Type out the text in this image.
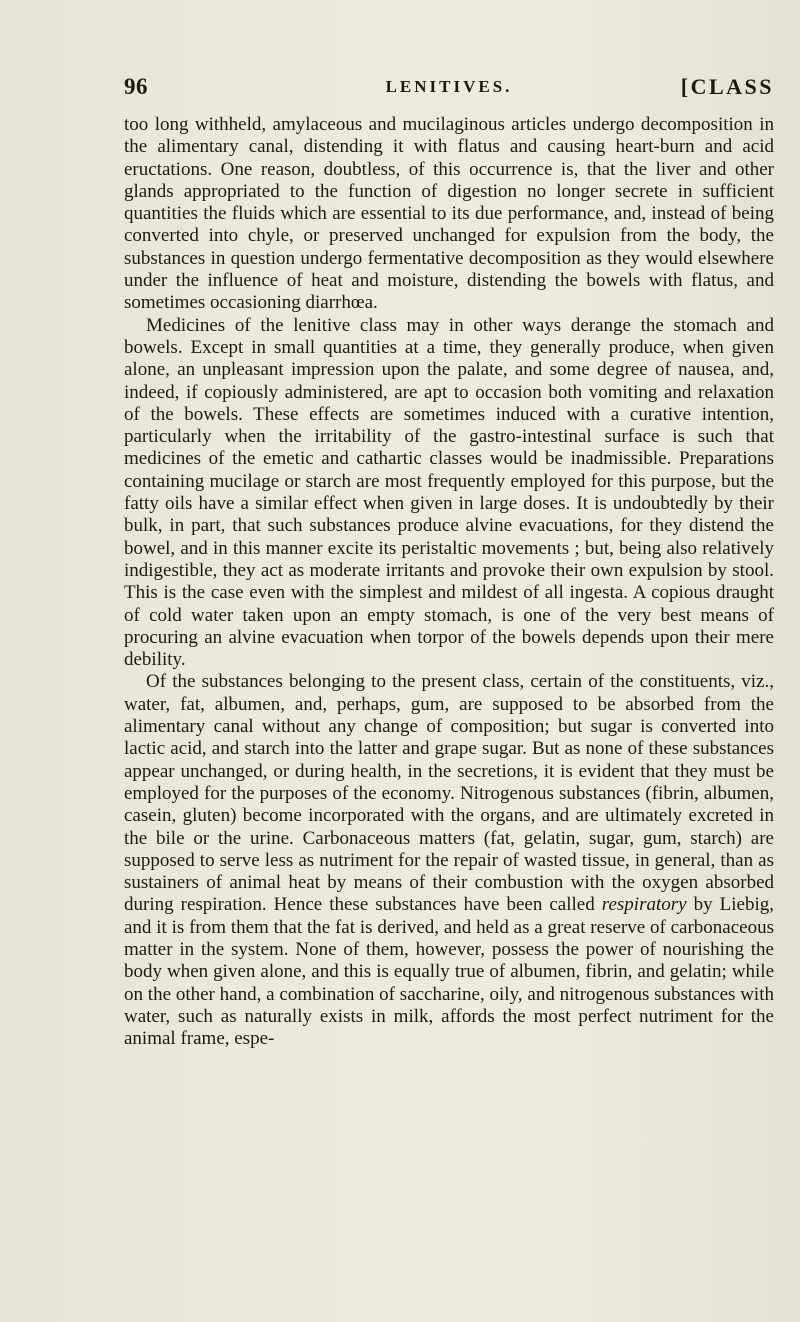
96	LENITIVES.	[CLASS

too long withheld, amylaceous and mucilaginous articles undergo decomposition in the alimentary canal, distending it with flatus and causing heart-burn and acid eructations. One reason, doubtless, of this occurrence is, that the liver and other glands appropriated to the function of digestion no longer secrete in sufficient quantities the fluids which are essential to its due performance, and, instead of being converted into chyle, or preserved unchanged for expulsion from the body, the substances in question undergo fermentative decomposition as they would elsewhere under the influence of heat and moisture, distending the bowels with flatus, and sometimes occasioning diarrhœa.

Medicines of the lenitive class may in other ways derange the stomach and bowels. Except in small quantities at a time, they generally produce, when given alone, an unpleasant impression upon the palate, and some degree of nausea, and, indeed, if copiously administered, are apt to occasion both vomiting and relaxation of the bowels. These effects are sometimes induced with a curative intention, particularly when the irritability of the gastro-intestinal surface is such that medicines of the emetic and cathartic classes would be inadmissible. Preparations containing mucilage or starch are most frequently employed for this purpose, but the fatty oils have a similar effect when given in large doses. It is undoubtedly by their bulk, in part, that such substances produce alvine evacuations, for they distend the bowel, and in this manner excite its peristaltic movements ; but, being also relatively indigestible, they act as moderate irritants and provoke their own expulsion by stool. This is the case even with the simplest and mildest of all ingesta. A copious draught of cold water taken upon an empty stomach, is one of the very best means of procuring an alvine evacuation when torpor of the bowels depends upon their mere debility.

Of the substances belonging to the present class, certain of the constituents, viz., water, fat, albumen, and, perhaps, gum, are supposed to be absorbed from the alimentary canal without any change of composition; but sugar is converted into lactic acid, and starch into the latter and grape sugar. But as none of these substances appear unchanged, or during health, in the secretions, it is evident that they must be employed for the purposes of the economy. Nitrogenous substances (fibrin, albumen, casein, gluten) become incorporated with the organs, and are ultimately excreted in the bile or the urine. Carbonaceous matters (fat, gelatin, sugar, gum, starch) are supposed to serve less as nutriment for the repair of wasted tissue, in general, than as sustainers of animal heat by means of their combustion with the oxygen absorbed during respiration. Hence these substances have been called respiratory by Liebig, and it is from them that the fat is derived, and held as a great reserve of carbonaceous matter in the system. None of them, however, possess the power of nourishing the body when given alone, and this is equally true of albumen, fibrin, and gelatin; while on the other hand, a combination of saccharine, oily, and nitrogenous substances with water, such as naturally exists in milk, affords the most perfect nutriment for the animal frame, espe-
